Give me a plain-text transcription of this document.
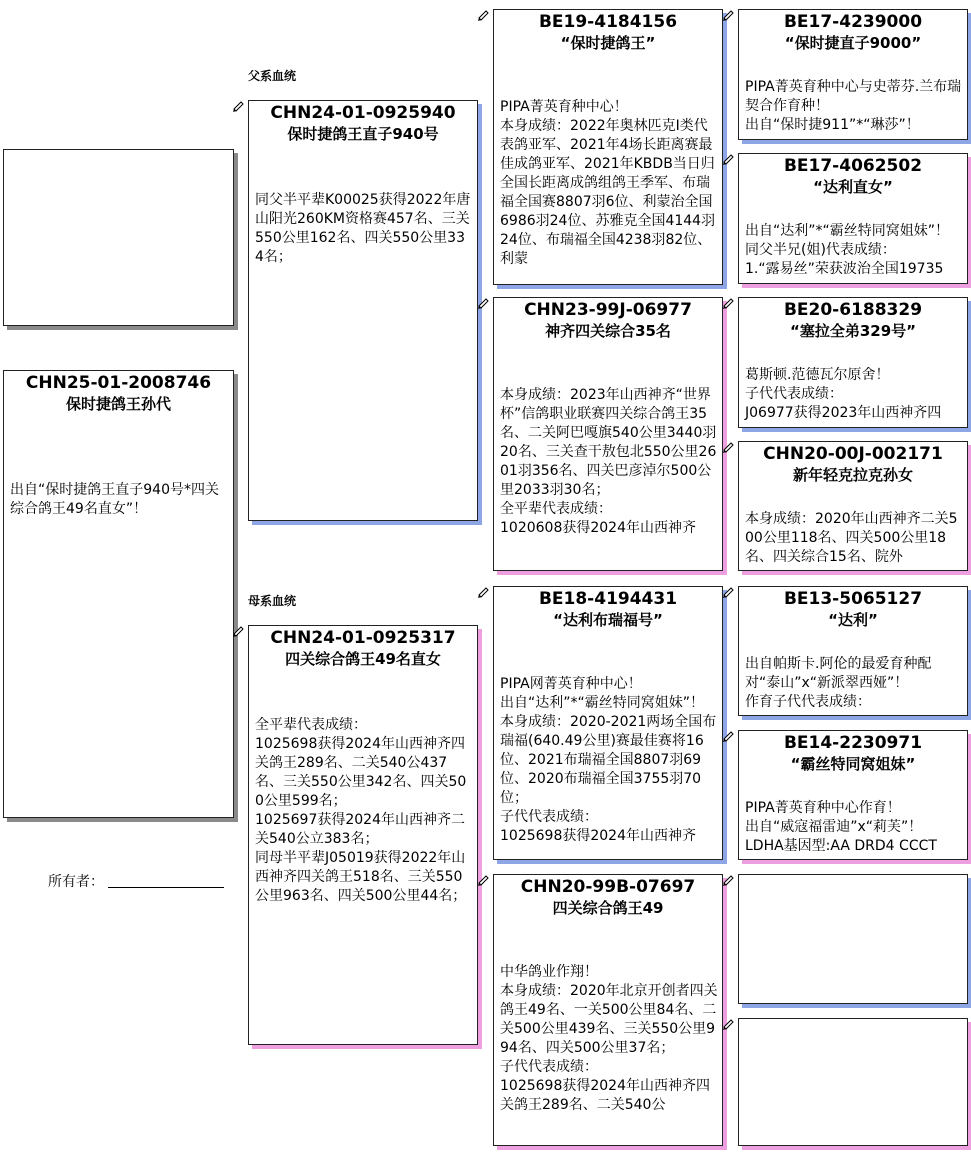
父系血统
母系血统
CHN25-01-2008746
保时捷鸽王孙代
出自“保时捷鸽王直子940号*四关综合鸽王49名直女”！
所有者：
CHN24-01-0925940
保时捷鸽王直子940号
同父半平辈K00025获得2022年唐山阳光260KM资格赛457名、三关550公里162名、四关550公里334名；
CHN24-01-0925317
四关综合鸽王49名直女
全平辈代表成绩：
1025698获得2024年山西神齐四关鸽王289名、二关540公437名、三关550公里342名、四关500公里599名；
1025697获得2024年山西神齐二关540公立383名；
同母半平辈J05019获得2022年山西神齐四关鸽王518名、三关550公里963名、四关500公里44名；
BE19-4184156
“保时捷鸽王”
PIPA菁英育种中心！
本身成绩：2022年奥林匹克I类代表鸽亚军、2021年4场长距离赛最佳成鸽亚军、2021年KBDB当日归全国长距离成鸽组鸽王季军、布瑞福全国赛8807羽6位、利蒙治全国6986羽24位、苏雅克全国4144羽24位、布瑞福全国4238羽82位、利蒙
CHN23-99J-06977
神齐四关综合35名
本身成绩：2023年山西神齐“世界杯”信鸽职业联赛四关综合鸽王35名、二关阿巴嘎旗540公里3440羽20名、三关查干敖包北550公里2601羽356名、四关巴彦淖尔500公里2033羽30名；
全平辈代表成绩：
1020608获得2024年山西神齐
BE18-4194431
“达利布瑞福号”
PIPA网菁英育种中心！
出自“达利”*“霸丝特同窝姐妹”！
本身成绩：2020-2021两场全国布瑞福(640.49公里)赛最佳赛将16位、2021布瑞福全国8807羽69位、2020布瑞福全国3755羽70位；
子代代表成绩：
1025698获得2024年山西神齐
CHN20-99B-07697
四关综合鸽王49
中华鸽业作翔！
本身成绩：2020年北京开创者四关鸽王49名、一关500公里84名、二关500公里439名、三关550公里994名、四关500公里37名；
子代代表成绩：
1025698获得2024年山西神齐四关鸽王289名、二关540公
BE17-4239000
“保时捷直子9000”
PIPA菁英育种中心与史蒂芬.兰布瑞契合作育种！
出自“保时捷911”*“琳莎”！
BE17-4062502
“达利直女”
出自“达利”*“霸丝特同窝姐妹”！
同父半兄(姐)代表成绩：
1.“露易丝”荣获波治全国19735
BE20-6188329
“塞拉全弟329号”
葛斯顿.范德瓦尔原舍！
子代代表成绩：
J06977获得2023年山西神齐四
CHN20-00J-002171
新年轻克拉克孙女
本身成绩：2020年山西神齐二关500公里118名、四关500公里18名、四关综合15名、院外
BE13-5065127
“达利”
出自帕斯卡.阿伦的最爱育种配对“泰山”x“新派翠西娅”！
作育子代代表成绩：
BE14-2230971
“霸丝特同窝姐妹”
PIPA菁英育种中心作育！
出自“威寇福雷迪”x“莉芙”！
LDHA基因型:AA DRD4 CCCT
